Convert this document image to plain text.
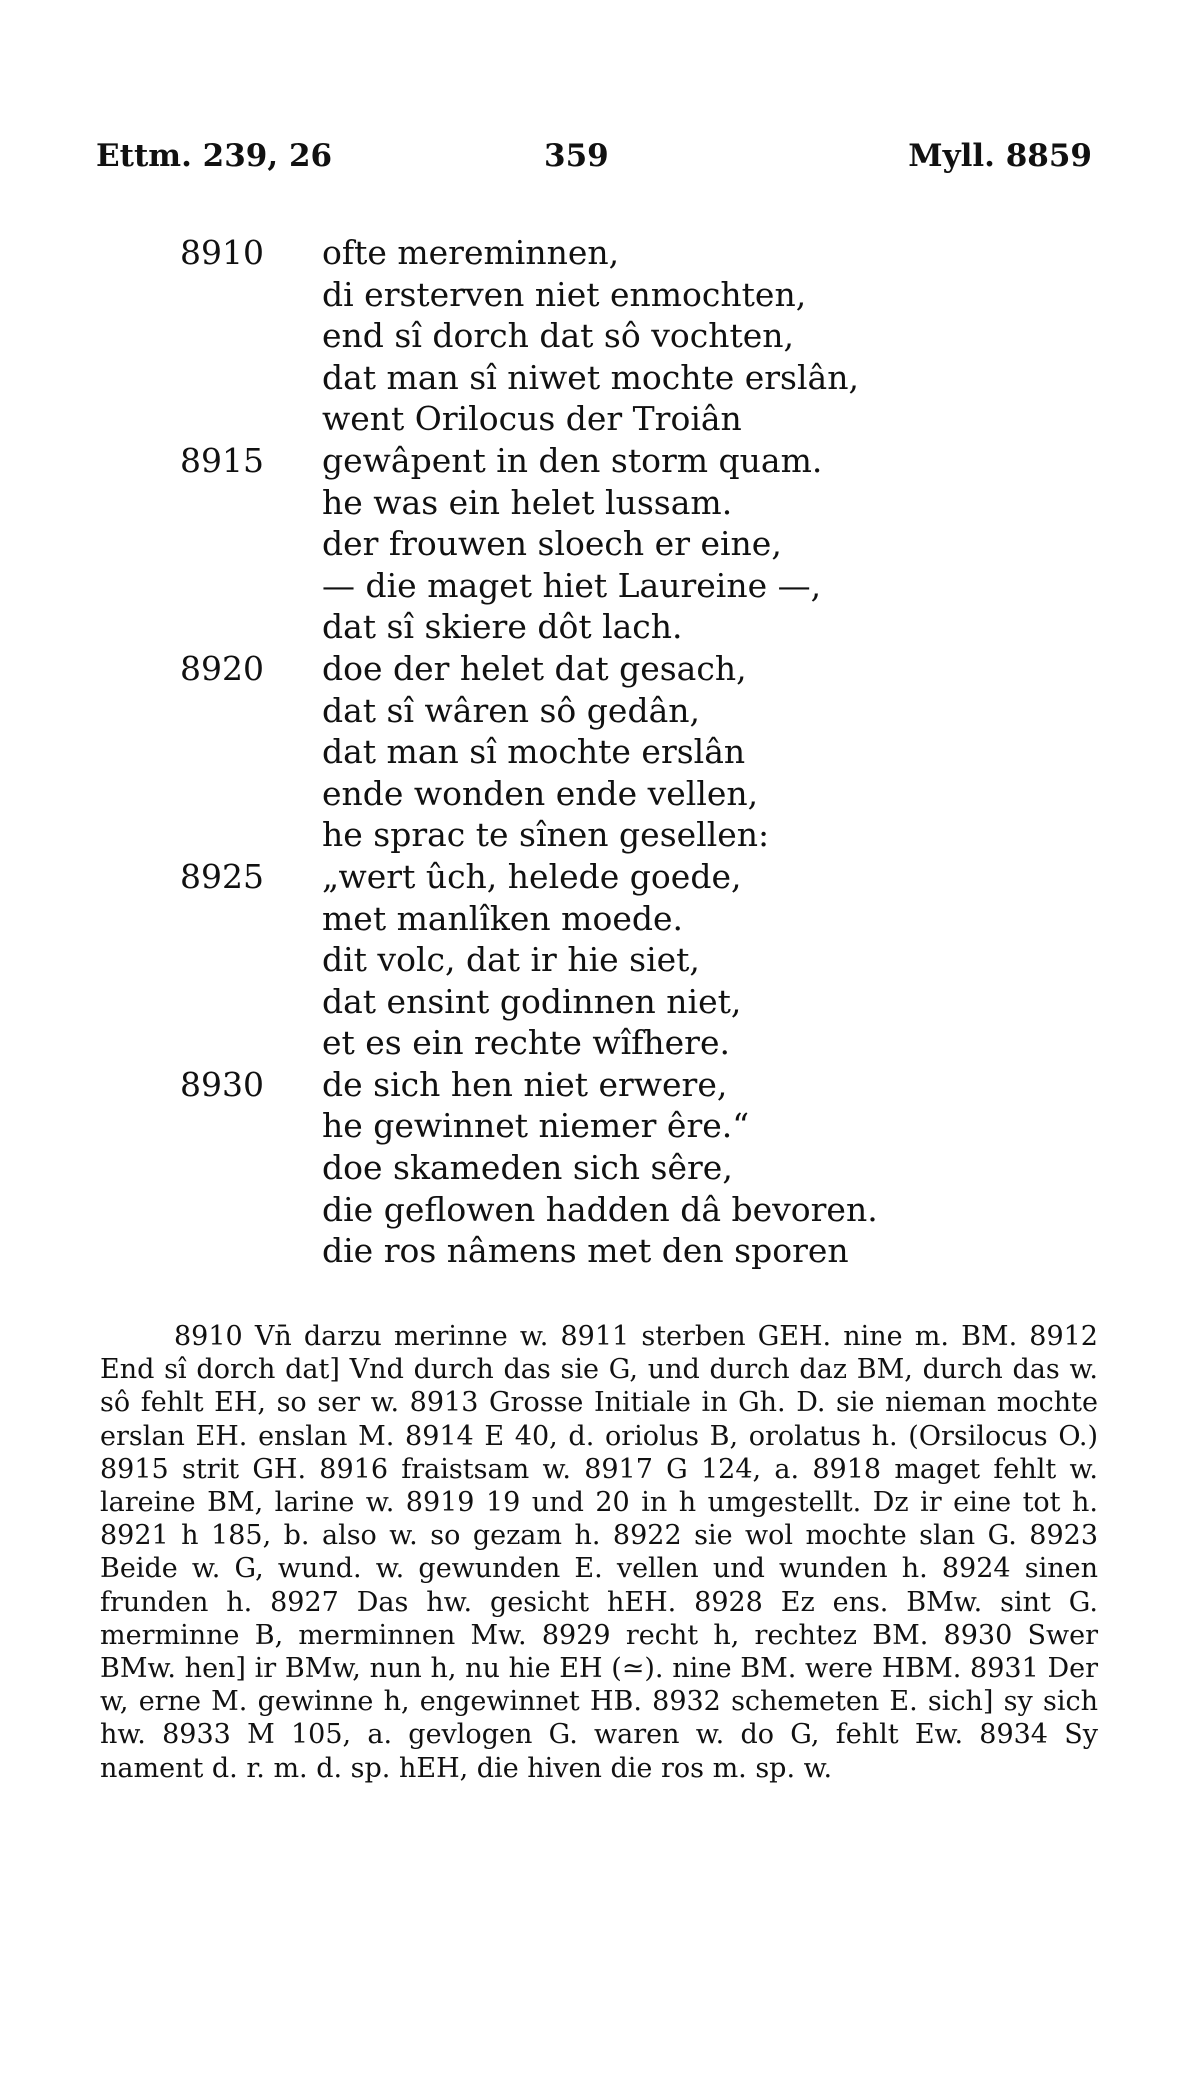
Ettm. 239, 26	359	Myll. 8859
8910	ofte mereminnen,
di ersterven niet enmochten,
end sî dorch dat sô vochten,
dat man sî niwet mochte erslân,
went Orilocus der Troiân
8915	gewâpent in den storm quam.
he was ein helet lussam.
der frouwen sloech er eine,
— die maget hiet Laureine —,
dat sî skiere dôt lach.
8920	doe der helet dat gesach,
dat sî wâren sô gedân,
dat man sî mochte erslân
ende wonden ende vellen,
he sprac te sînen gesellen:
8925	„wert ûch, helede goede,
met manlîken moede.
dit volc, dat ir hie siet,
dat ensint godinnen niet,
et es ein rechte wîfhere.
8930	de sich hen niet erwere,
he gewinnet niemer êre.“
doe skameden sich sêre,
die geflowen hadden dâ bevoren.
die ros nâmens met den sporen

8910 Vn̄ darzu merinne w. 8911 sterben GEH. nine m. BM. 8912 End sî dorch dat] Vnd durch das sie G, und durch daz BM, durch das w. sô fehlt EH, so ser w. 8913 Grosse Initiale in Gh. D. sie nieman mochte erslan EH. enslan M. 8914 E 40, d. oriolus B, orolatus h. (Orsilocus O.) 8915 strit GH. 8916 fraistsam w. 8917 G 124, a. 8918 maget fehlt w. lareine BM, larine w. 8919 19 und 20 in h umgestellt. Dz ir eine tot h. 8921 h 185, b. also w. so gezam h. 8922 sie wol mochte slan G. 8923 Beide w. G, wund. w. gewunden E. vellen und wunden h. 8924 sinen frunden h. 8927 Das hw. gesicht hEH. 8928 Ez ens. BMw. sint G. merminne B, merminnen Mw. 8929 recht h, rechtez BM. 8930 Swer BMw. hen] ir BMw, nun h, nu hie EH (≃). nine BM. were HBM. 8931 Der w, erne M. gewinne h, engewinnet HB. 8932 schemeten E. sich] sy sich hw. 8933 M 105, a. gevlogen G. waren w. do G, fehlt Ew. 8934 Sy nament d. r. m. d. sp. hEH, die hiven die ros m. sp. w.
